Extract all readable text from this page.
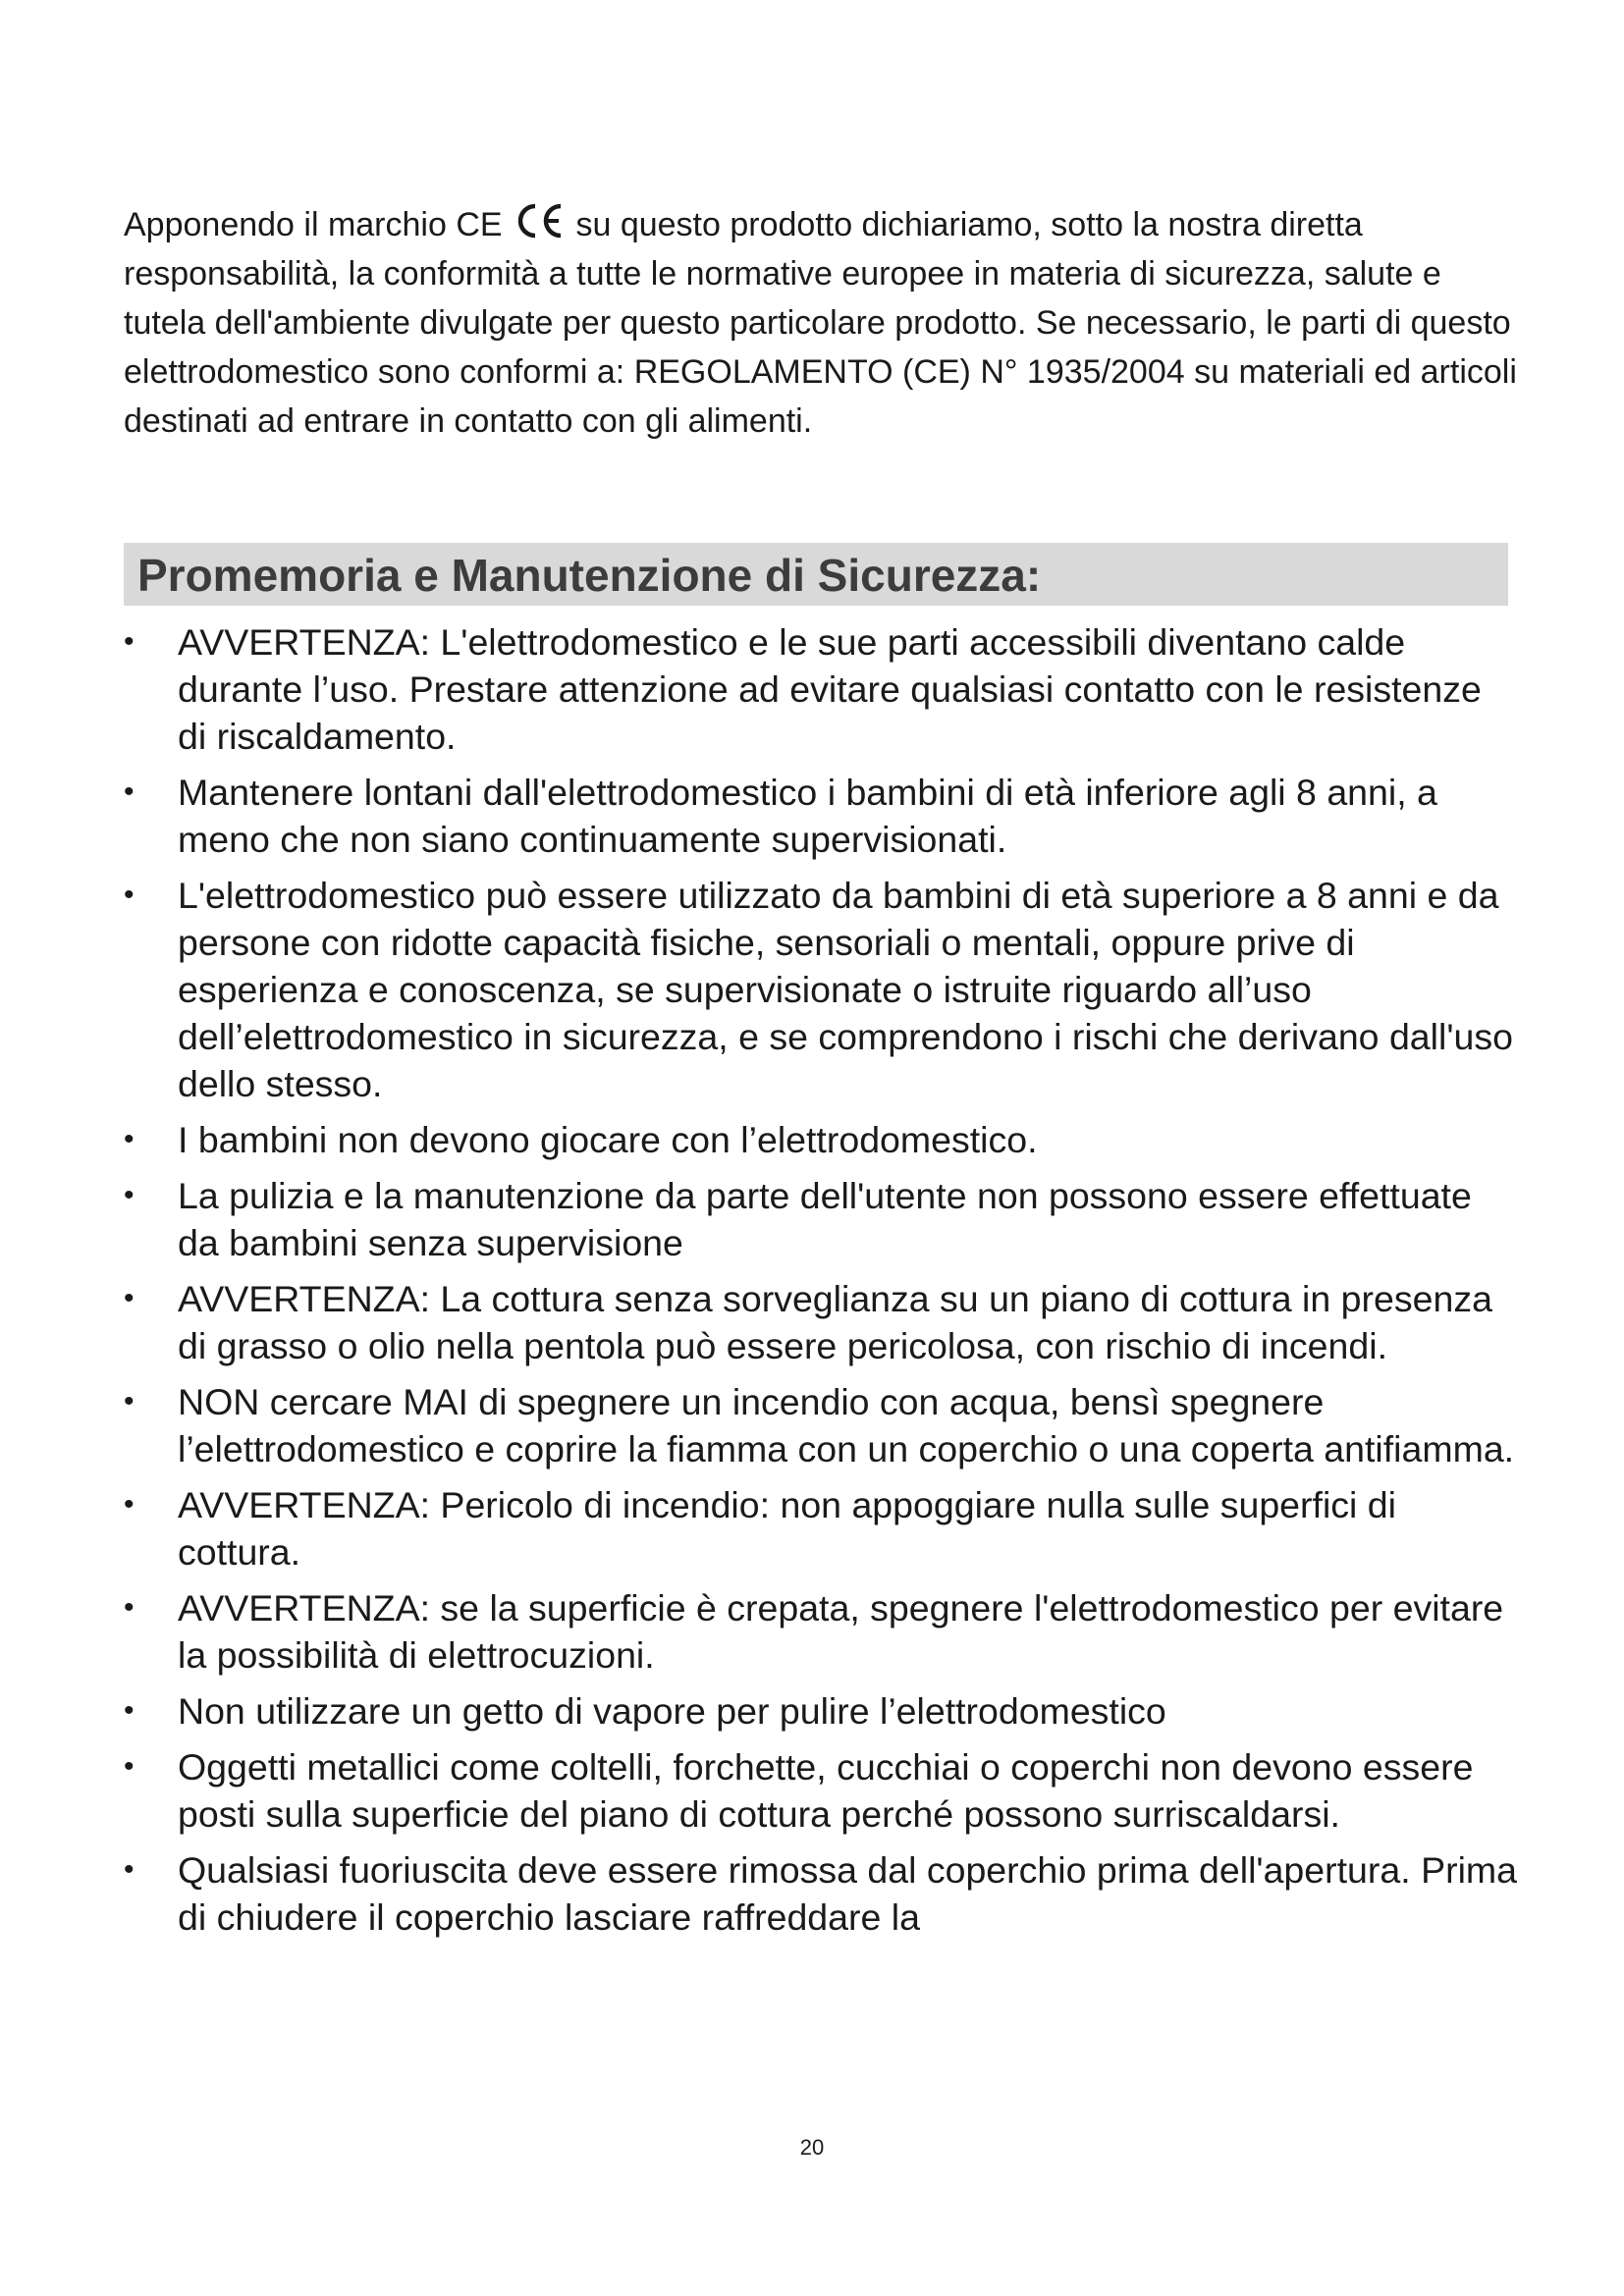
Apponendo il marchio CE  su questo prodotto dichiariamo, sotto la nostra diretta responsabilità, la conformità a tutte le normative europee in materia di sicurezza, salute e tutela dell'ambiente divulgate per questo particolare prodotto. Se necessario, le parti di questo elettrodomestico sono conformi a: REGOLAMENTO (CE) N° 1935/2004 su materiali ed articoli destinati ad entrare in contatto con gli alimenti.

Promemoria e Manutenzione di Sicurezza:
• AVVERTENZA: L'elettrodomestico e le sue parti accessibili diventano calde durante l’uso. Prestare attenzione ad evitare qualsiasi contatto con le resistenze di riscaldamento.
• Mantenere lontani dall'elettrodomestico i bambini di età inferiore agli 8 anni, a meno che non siano continuamente supervisionati.
• L'elettrodomestico può essere utilizzato da bambini di età superiore a 8 anni e da persone con ridotte capacità fisiche, sensoriali o mentali, oppure prive di esperienza e conoscenza, se supervisionate o istruite riguardo all’uso dell’elettrodomestico in sicurezza, e se comprendono i rischi che derivano dall'uso dello stesso.
• I bambini non devono giocare con l’elettrodomestico.
• La pulizia e la manutenzione da parte dell'utente non possono essere effettuate da bambini senza supervisione
• AVVERTENZA: La cottura senza sorveglianza su un piano di cottura in presenza di grasso o olio nella pentola può essere pericolosa, con rischio di incendi.
• NON cercare MAI di spegnere un incendio con acqua, bensì spegnere l’elettrodomestico e coprire la fiamma con un coperchio o una coperta antifiamma.
• AVVERTENZA: Pericolo di incendio: non appoggiare nulla sulle superfici di cottura.
• AVVERTENZA: se la superficie è crepata, spegnere l'elettrodomestico per evitare la possibilità di elettrocuzioni.
• Non utilizzare un getto di vapore per pulire l’elettrodomestico
• Oggetti metallici come coltelli, forchette, cucchiai o coperchi non devono essere posti sulla superficie del piano di cottura perché possono surriscaldarsi.
• Qualsiasi fuoriuscita deve essere rimossa dal coperchio prima dell'apertura. Prima di chiudere il coperchio lasciare raffreddare la
20
